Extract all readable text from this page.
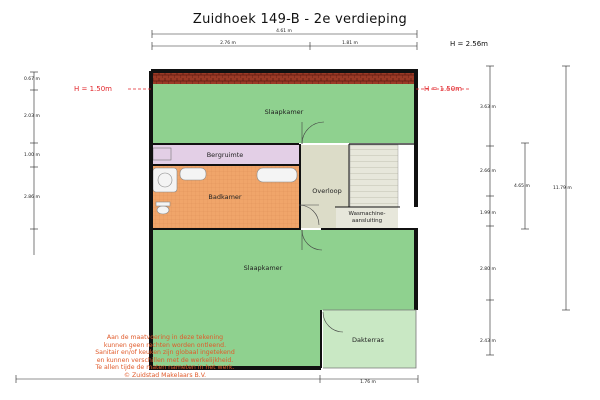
4.61 m
2.76 m	1.81 m
Slaapkamer
Bergruimte
Badkamer
Overloop
Wasmachine-
aansluiting
Slaapkamer
Dakterras
H = 1.50m	H = 1.50m
0.67 m
2.03 m
1.00 m
2.86 m
3.63 m
2.66 m
1.99 m
2.80 m
2.43 m
4.65 m	11.79 m
1.76 m
Zuidhoek 149-B - 2e verdieping
H = 2.56m
Aan de maatvoering in deze tekening
kunnen geen rechten worden ontleend.
Sanitair en/of keuken zijn globaal ingetekend
en kunnen verschillen met de werkelijkheid.
Te allen tijde de maten nameten in het werk.
© Zuidstad Makelaars B.V.
